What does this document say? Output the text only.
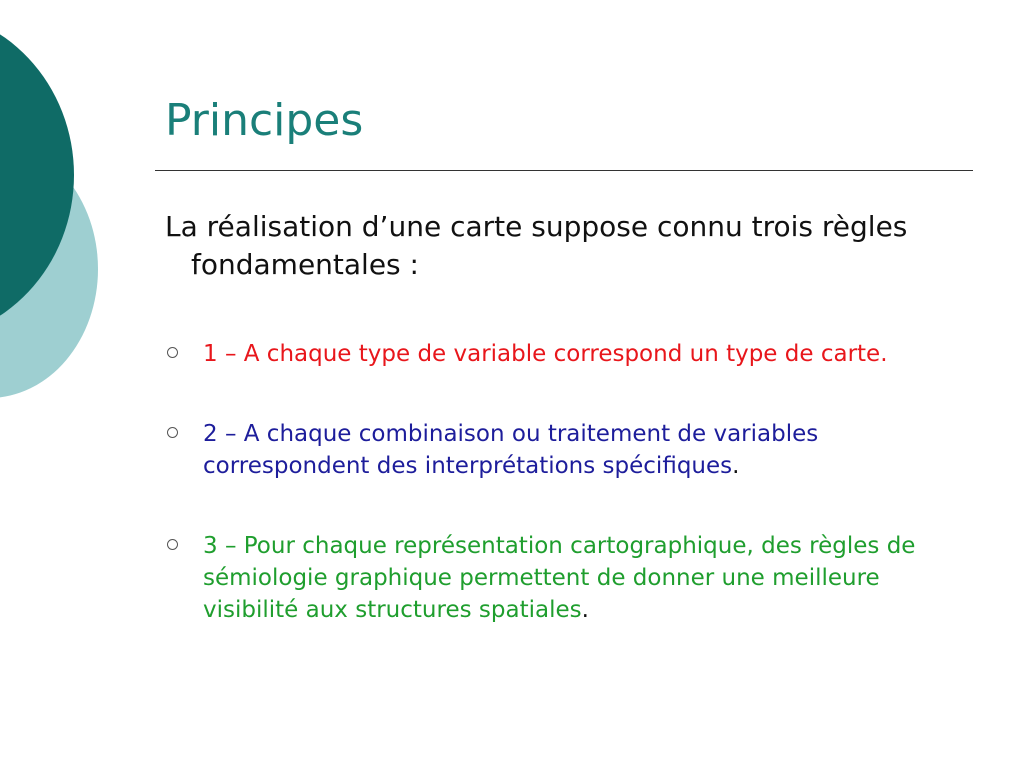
Principes

La réalisation d’une carte suppose connu trois règles fondamentales :

1 – A chaque type de variable correspond un type de carte.
2 – A chaque combinaison ou traitement de variables correspondent des interprétations spécifiques.
3 – Pour chaque représentation cartographique, des règles de sémiologie graphique permettent de donner une meilleure visibilité aux structures spatiales.
